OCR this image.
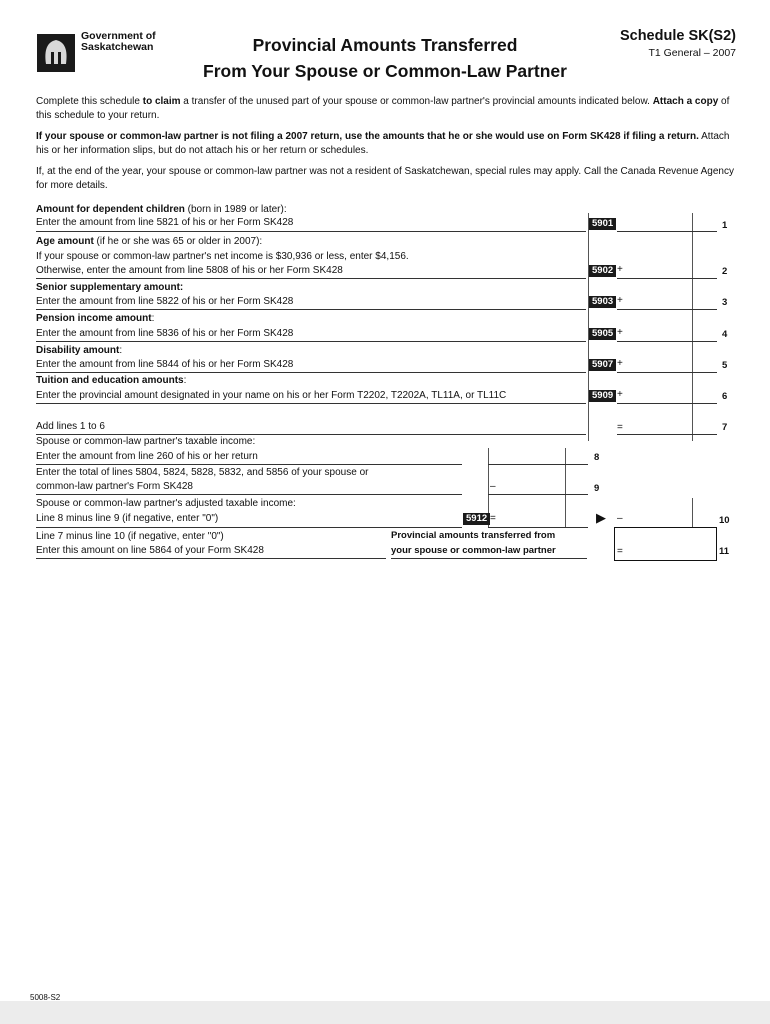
Government of Saskatchewan	Provincial Amounts Transferred
From Your Spouse or Common-Law Partner
Schedule SK(S2)
T1 General – 2007
Complete this schedule to claim a transfer of the unused part of your spouse or common-law partner's provincial amounts indicated below. Attach a copy of this schedule to your return.
If your spouse or common-law partner is not filing a 2007 return, use the amounts that he or she would use on Form SK428 if filing a return. Attach his or her information slips, but do not attach his or her return or schedules.
If, at the end of the year, your spouse or common-law partner was not a resident of Saskatchewan, special rules may apply. Call the Canada Revenue Agency for more details.
Amount for dependent children (born in 1989 or later):
Enter the amount from line 5821 of his or her Form SK428	5901	1
Age amount (if he or she was 65 or older in 2007):
If your spouse or common-law partner's net income is $30,936 or less, enter $4,156.
Otherwise, enter the amount from line 5808 of his or her Form SK428	5902 +	2
Senior supplementary amount:
Enter the amount from line 5822 of his or her Form SK428	5903 +	3
Pension income amount:
Enter the amount from line 5836 of his or her Form SK428	5905 +	4
Disability amount:
Enter the amount from line 5844 of his or her Form SK428	5907 +	5
Tuition and education amounts:
Enter the provincial amount designated in your name on his or her Form T2202, T2202A, TL11A, or TL11C	5909 +	6
Add lines 1 to 6	=	7
Spouse or common-law partner's taxable income:
Enter the amount from line 260 of his or her return	8
Enter the total of lines 5804, 5824, 5828, 5832, and 5856 of your spouse or
common-law partner's Form SK428	–	9
Spouse or common-law partner's adjusted taxable income:
Line 8 minus line 9 (if negative, enter "0")	5912 =	▶ –	10
Line 7 minus line 10 (if negative, enter "0")
Enter this amount on line 5864 of your Form SK428
Provincial amounts transferred from
your spouse or common-law partner	=	11
5008-S2
